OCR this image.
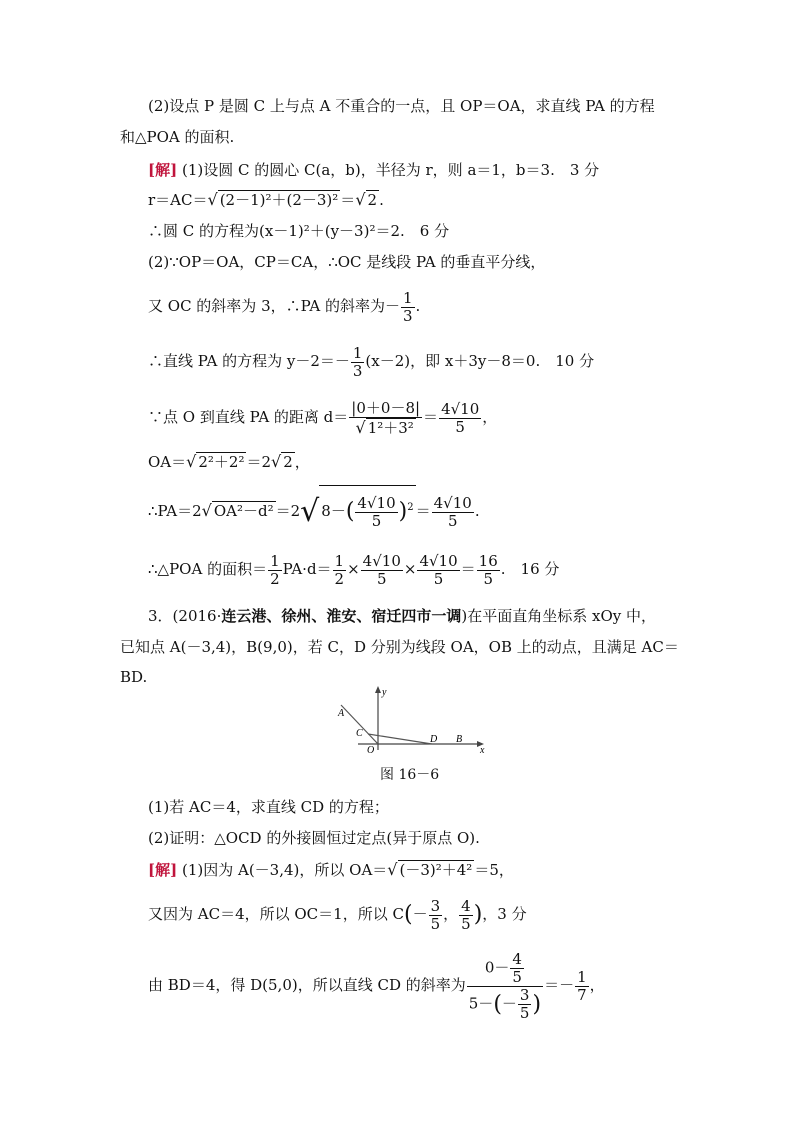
(2)设点 P 是圆 C 上与点 A 不重合的一点，且 OP＝OA，求直线 PA 的方程
和△POA 的面积.
[解] (1)设圆 C 的圆心 C(a，b)，半径为 r，则 a＝1，b＝3.　3 分
r＝AC＝√ (2－1)²＋(2－3)² ＝√ 2 .
∴圆 C 的方程为(x－1)²＋(y－3)²＝2.　6 分
(2)∵OP＝OA，CP＝CA，∴OC 是线段 PA 的垂直平分线，
又 OC 的斜率为 3，∴PA 的斜率为－ $\frac{1}{3}$ .
∴直线 PA 的方程为 $y-2=- \frac{1}{3} (x-2)$，即 x＋3y－8＝0.　10 分
∵点 O 到直线 PA 的距离 $d= \frac{|0+0-8|}{\text{√ 1²＋3²}} = \frac{4√10}{5}$ ，
OA＝√ 2²＋2² ＝2√ 2 ，
∴PA＝2√ OA²－d² ＝2√ $8-( \frac{4√10}{5} )^2 = \frac{4√10}{5}$ .
∴△POA 的面积＝ $\frac{1}{2} PA\cdot d= \frac{1}{2} \times \frac{4√10}{5} \times \frac{4√10}{5} = \frac{16}{5}$ .　16 分
3．(2016·连云港、徐州、淮安、宿迁四市一调)在平面直角坐标系 xOy 中，
已知点 A(－3,4)，B(9,0)，若 C，D 分别为线段 OA，OB 上的动点，且满足 AC＝
BD.
y
x
A
C
O
D B
图 16－6
(1)若 AC＝4，求直线 CD 的方程；
(2)证明：△OCD 的外接圆恒过定点(异于原点 O).
[解] (1)因为 A(－3,4)，所以 OA＝√ (－3)²＋4² ＝5，
又因为 AC＝4，所以 OC＝1，所以 $C(- \frac{3}{5}$ ， $\frac{4}{5}$ )，3 分
由 BD＝4，得 D(5,0)，所以直线 CD 的斜率为 $\frac{0- \frac{4}{5}}{5-(- \frac{3}{5} )} =- \frac{1}{7}$ ，
